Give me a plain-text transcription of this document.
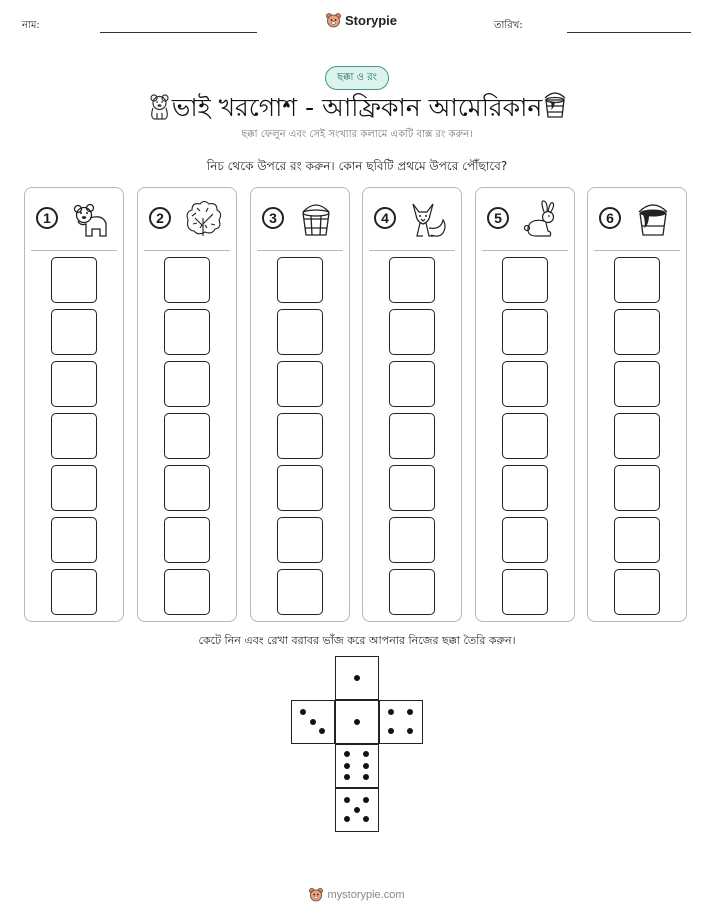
নাম:	Storypie	তারিখ:
ছক্কা ও রং
ভাই খরগোশ - আফ্রিকান আমেরিকান
ছক্কা ফেলুন এবং সেই সংখ্যার কলামে একটি বাক্স রং করুন।
নিচ থেকে উপরে রং করুন। কোন ছবিটি প্রথমে উপরে পৌঁছাবে?
1	2	3	4	5	6
কেটে নিন এবং রেখা বরাবর ভাঁজ করে আপনার নিজের ছক্কা তৈরি করুন।
mystorypie.com
